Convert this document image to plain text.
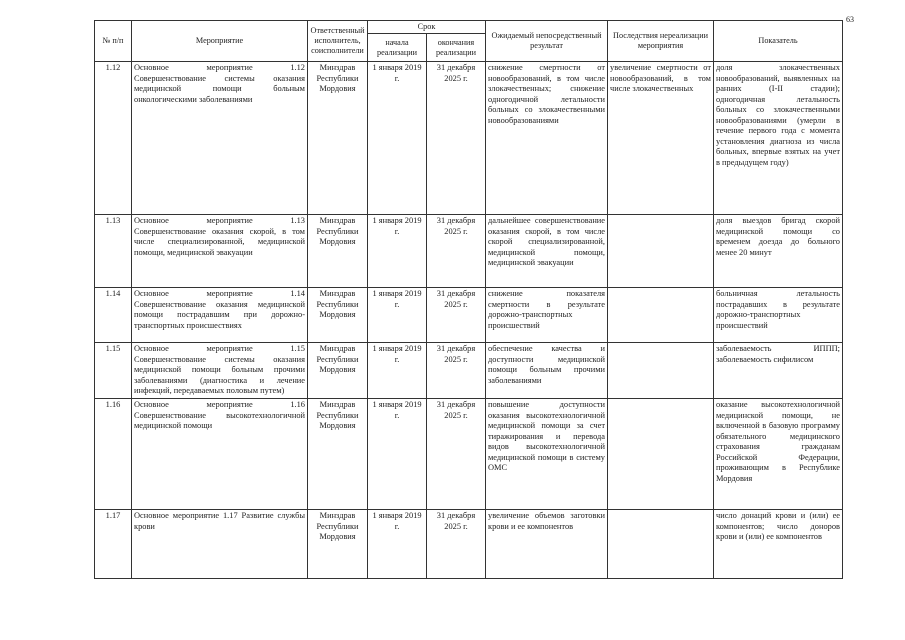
63
№ п/п	Мероприятие	Ответственный исполнитель, соисполнители	Срок		Ожидаемый непосредственный результат	Последствия нереализации мероприятия	Показатель
			начала реализации	окончания реализации			
1.12	Основное мероприятие 1.12 Совершенствование системы оказания медицинской помощи больным онкологическими заболеваниями	Минздрав Республики Мордовия	1 января 2019 г.	31 декабря 2025 г.	снижение смертности от новообразований, в том числе злокачественных; снижение одногодичной летальности больных со злокачественными новообразованиями	увеличение смертности от новообразований, в том числе злокачественных	доля злокачественных новообразований, выявленных на ранних (I-II стадии); одногодичная летальность больных со злокачественными новообразованиями (умерли в течение первого года с момента установления диагноза из числа больных, впервые взятых на учет в предыдущем году)
1.13	Основное мероприятие 1.13 Совершенствование оказания скорой, в том числе специализированной, медицинской помощи, медицинской эвакуации	Минздрав Республики Мордовия	1 января 2019 г.	31 декабря 2025 г.	дальнейшее совершенствование оказания скорой, в том числе скорой специализированной, медицинской помощи, медицинской эвакуации		доля выездов бригад скорой медицинской помощи со временем доезда до больного менее 20 минут
1.14	Основное мероприятие 1.14 Совершенствование оказания медицинской помощи пострадавшим при дорожно-транспортных происшествиях	Минздрав Республики Мордовия	1 января 2019 г.	31 декабря 2025 г.	снижение показателя смертности в результате дорожно-транспортных происшествий		больничная летальность пострадавших в результате дорожно-транспортных происшествий
1.15	Основное мероприятие 1.15 Совершенствование системы оказания медицинской помощи больным прочими заболеваниями (диагностика и лечение инфекций, передаваемых половым путем)	Минздрав Республики Мордовия	1 января 2019 г.	31 декабря 2025 г.	обеспечение качества и доступности медицинской помощи больным прочими заболеваниями		заболеваемость ИППП; заболеваемость сифилисом
1.16	Основное мероприятие 1.16 Совершенствование высокотехнологичной медицинской помощи	Минздрав Республики Мордовия	1 января 2019 г.	31 декабря 2025 г.	повышение доступности оказания высокотехнологичной медицинской помощи за счет тиражирования и перевода видов высокотехнологичной медицинской помощи в систему ОМС		оказание высокотехнологичной медицинской помощи, не включенной в базовую программу обязательного медицинского страхования гражданам Российской Федерации, проживающим в Республике Мордовия
1.17	Основное мероприятие 1.17 Развитие службы крови	Минздрав Республики Мордовия	1 января 2019 г.	31 декабря 2025 г.	увеличение объемов заготовки крови и ее компонентов		число донаций крови и (или) ее компонентов; число доноров крови и (или) ее компонентов
